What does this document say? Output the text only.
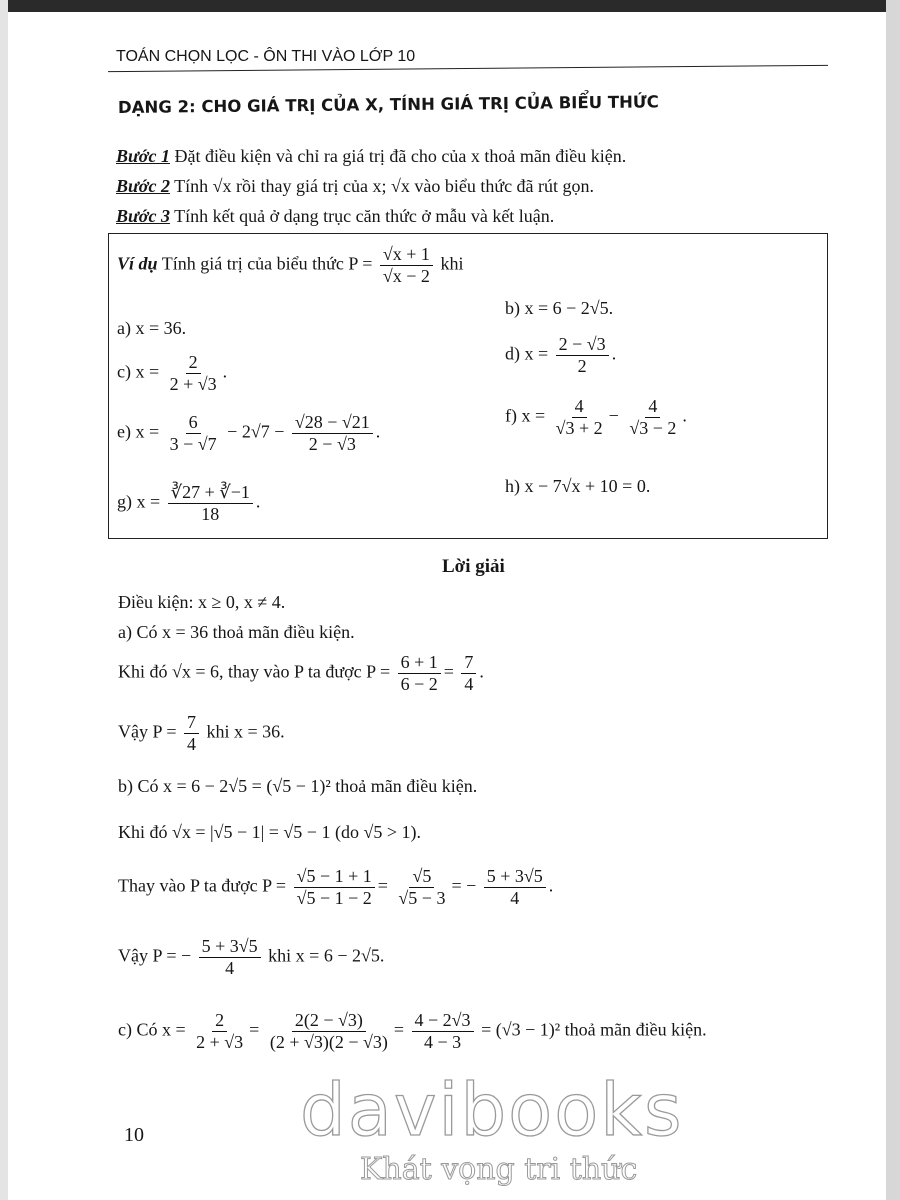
TOÁN CHỌN LỌC - ÔN THI VÀO LỚP 10
DẠNG 2: CHO GIÁ TRỊ CỦA X, TÍNH GIÁ TRỊ CỦA BIỂU THỨC
Bước 1 Đặt điều kiện và chỉ ra giá trị đã cho của x thoả mãn điều kiện.
Bước 2 Tính √x rồi thay giá trị của x; √x vào biểu thức đã rút gọn.
Bước 3 Tính kết quả ở dạng trục căn thức ở mẫu và kết luận.
Ví dụ Tính giá trị của biểu thức $P = \frac{√x + 1}{√x - 2}$ khi
a) x = 36.
b) x = 6 − 2√5.
c) $x = \frac{2}{2 + √3}$ .
d) $x = \frac{2 - √3}{2}$ .
e) $x = \frac{6}{3 - √7} - 2√7 - \frac{√28 - √21}{2 - √3}$ .
f) $x = \frac{4}{√3 + 2} - \frac{4}{√3 - 2}$ .
g) $x = \frac{∛27 + ∛-1}{18}$ .
h) x − 7√x + 10 = 0.
Lời giải
Điều kiện: x ≥ 0, x ≠ 4.
a) Có x = 36 thoả mãn điều kiện.
Khi đó √x = 6, thay vào P ta được $P = \frac{6 + 1}{6 - 2} = \frac{7}{4}$ .
Vậy $P = \frac{7}{4}$ khi x = 36.
b) Có x = 6 − 2√5 = (√5 − 1)² thoả mãn điều kiện.
Khi đó √x = |√5 − 1| = √5 − 1 (do √5 > 1).
Thay vào P ta được $P = \frac{√5 - 1 + 1}{√5 - 1 - 2} = \frac{√5}{√5 - 3}$ = − $\frac{5 + 3√5}{4}$ .
Vậy P = − $\frac{5 + 3√5}{4}$ khi x = 6 − 2√5.
c) Có $x = \frac{2}{2 + √3} = \frac{2(2 - √3)}{(2 + √3)(2 - √3)} = \frac{4 - 2√3}{4 - 3} = (√3 - 1)^2$ thoả mãn điều kiện.
10 davibooks
Khát vọng tri thức
